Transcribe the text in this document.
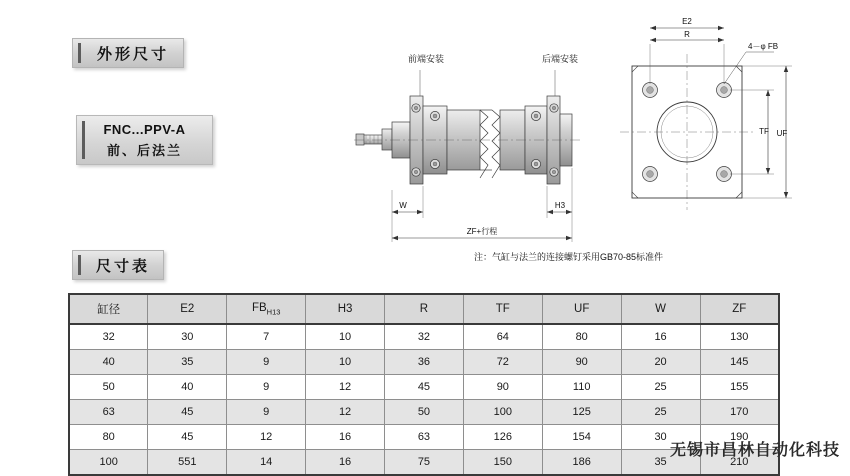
外形尺寸
FNC...PPV-A
前、后法兰
尺寸表
W	H3
ZF+行程
E2
R
4－φ FB
TF UF
前端安装	后端安装
注：气缸与法兰的连接螺钉采用GB70-85标准件
缸径	E2	$FB_{H13}$	H3	R	TF	UF	W	ZF
32	30	7	10	32	64	80	16	130
40	35	9	10	36	72	90	20	145
50	40	9	12	45	90	110	25	155
63	45	9	12	50	100	125	25	170
80	45	12	16	63	126	154	30	190
100	551	14	16	75	150	186	35	210
无锡市昌林自动化科技
